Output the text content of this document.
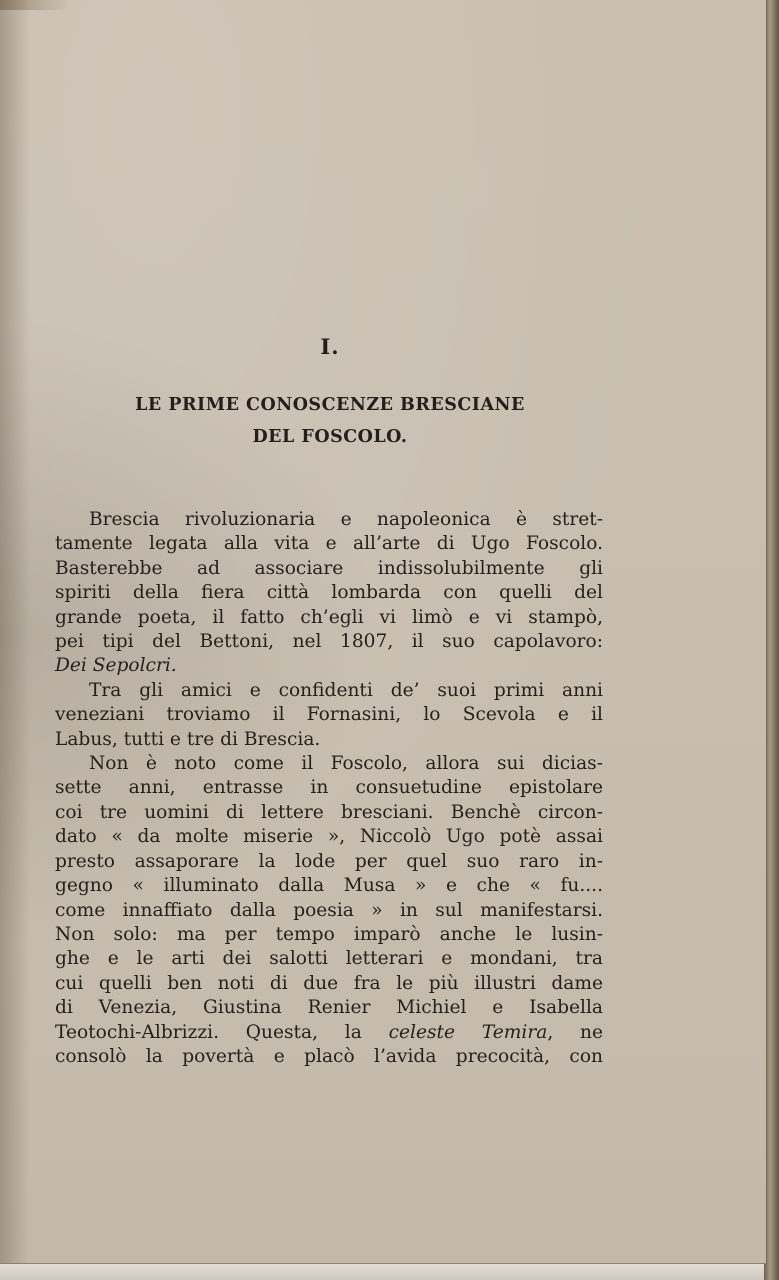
I.
LE PRIME CONOSCENZE BRESCIANE
DEL FOSCOLO.
Brescia rivoluzionaria e napoleonica è stret-
tamente legata alla vita e all’arte di Ugo Foscolo.
Basterebbe ad associare indissolubilmente gli
spiriti della fiera città lombarda con quelli del
grande poeta, il fatto ch’egli vi limò e vi stampò,
pei tipi del Bettoni, nel 1807, il suo capolavoro:
Dei Sepolcri.
Tra gli amici e confidenti de’ suoi primi anni
veneziani troviamo il Fornasini, lo Scevola e il
Labus, tutti e tre di Brescia.
Non è noto come il Foscolo, allora sui dicias-
sette anni, entrasse in consuetudine epistolare
coi tre uomini di lettere bresciani. Benchè circon-
dato « da molte miserie », Niccolò Ugo potè assai
presto assaporare la lode per quel suo raro in-
gegno « illuminato dalla Musa » e che « fu....
come innaffiato dalla poesia » in sul manifestarsi.
Non solo: ma per tempo imparò anche le lusin-
ghe e le arti dei salotti letterari e mondani, tra
cui quelli ben noti di due fra le più illustri dame
di Venezia, Giustina Renier Michiel e Isabella
Teotochi-Albrizzi. Questa, la celeste Temira, ne
consolò la povertà e placò l’avida precocità, con
